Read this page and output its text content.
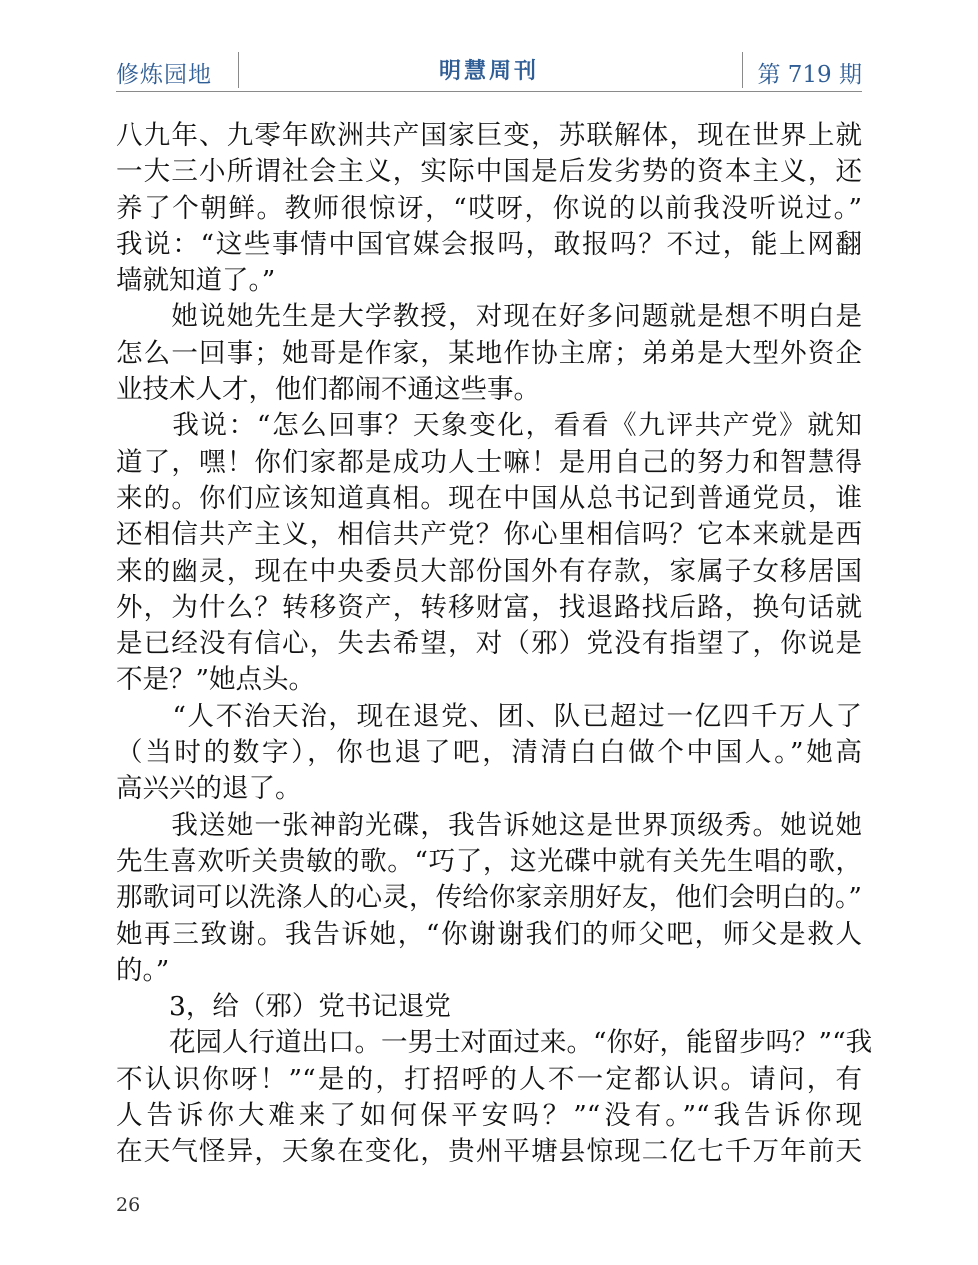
修炼园地	明慧周刊	第 719 期
八九年、九零年欧洲共产国家巨变，苏联解体，现在世界上就
一大三小所谓社会主义，实际中国是后发劣势的资本主义，还
养了个朝鲜。教师很惊讶，“哎呀，你说的以前我没听说过。”
我说：“这些事情中国官媒会报吗，敢报吗？不过，能上网翻
墙就知道了。”
　　她说她先生是大学教授，对现在好多问题就是想不明白是
怎么一回事；她哥是作家，某地作协主席；弟弟是大型外资企
业技术人才，他们都闹不通这些事。
　　我说：“怎么回事？天象变化，看看《九评共产党》就知
道了，嘿！你们家都是成功人士嘛！是用自己的努力和智慧得
来的。你们应该知道真相。现在中国从总书记到普通党员，谁
还相信共产主义，相信共产党？你心里相信吗？它本来就是西
来的幽灵，现在中央委员大部份国外有存款，家属子女移居国
外，为什么？转移资产，转移财富，找退路找后路，换句话就
是已经没有信心，失去希望，对（邪）党没有指望了，你说是
不是？”她点头。
　　“人不治天治，现在退党、团、队已超过一亿四千万人了
（当时的数字），你也退了吧，清清白白做个中国人。”她高
高兴兴的退了。
　　我送她一张神韵光碟，我告诉她这是世界顶级秀。她说她
先生喜欢听关贵敏的歌。“巧了，这光碟中就有关先生唱的歌，
那歌词可以洗涤人的心灵，传给你家亲朋好友，他们会明白的。”
她再三致谢。我告诉她，“你谢谢我们的师父吧，师父是救人
的。”
　　3，给（邪）党书记退党
　　花园人行道出口。一男士对面过来。“你好，能留步吗？”“我
不认识你呀！”“是的，打招呼的人不一定都认识。请问，有
人告诉你大难来了如何保平安吗？”“没有。”“我告诉你现
在天气怪异，天象在变化，贵州平塘县惊现二亿七千万年前天
26
